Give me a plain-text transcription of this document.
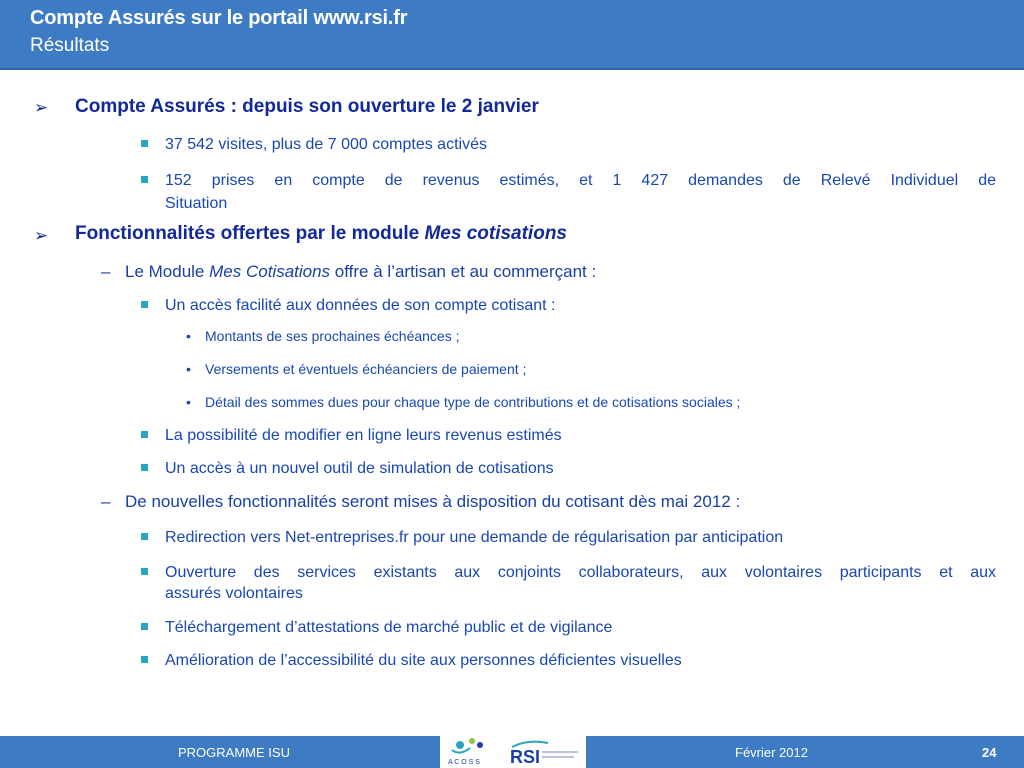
Compte Assurés sur le portail www.rsi.fr
Résultats
➢ Compte Assurés : depuis son ouverture le 2 janvier
37 542 visites, plus de 7 000 comptes activés
152 prises en compte de revenus estimés, et 1 427 demandes de Relevé Individuel de
Situation
➢ Fonctionnalités offertes par le module Mes cotisations
– Le Module Mes Cotisations offre à l’artisan et au commerçant :
Un accès facilité aux données de son compte cotisant :
• Montants de ses prochaines échéances ;
• Versements et éventuels échéanciers de paiement ;
• Détail des sommes dues pour chaque type de contributions et de cotisations sociales ;
La possibilité de modifier en ligne leurs revenus estimés
Un accès à un nouvel outil de simulation de cotisations
– De nouvelles fonctionnalités seront mises à disposition du cotisant dès mai 2012 :
Redirection vers Net-entreprises.fr pour une demande de régularisation par anticipation
Ouverture des services existants aux conjoints collaborateurs, aux volontaires participants et aux
assurés volontaires
Téléchargement d’attestations de marché public et de vigilance
Amélioration de l’accessibilité du site aux personnes déficientes visuelles
PROGRAMME ISU
A C O S S RSI	Février 2012	24
